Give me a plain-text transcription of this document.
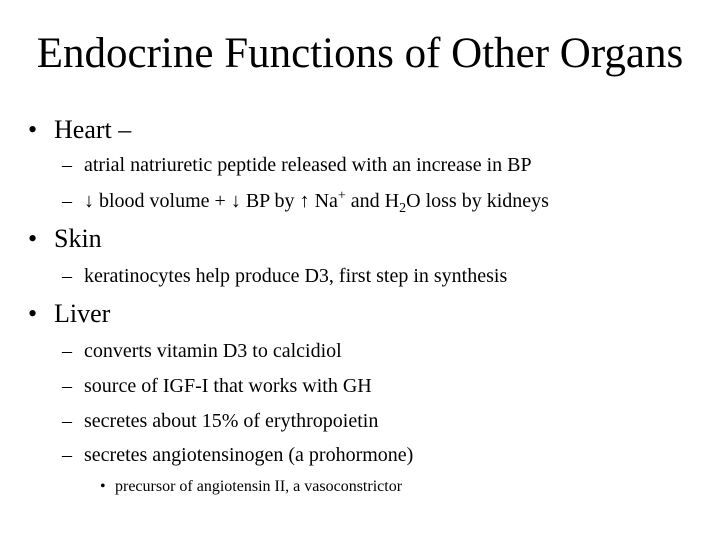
Endocrine Functions of Other Organs
• Heart –
– atrial natriuretic peptide released with an increase in BP
– ↓ blood volume + ↓ BP by ↑ Na+ and $H_2O$ loss by kidneys
• Skin
– keratinocytes help produce D3, first step in synthesis
• Liver
– converts vitamin D3 to calcidiol
– source of IGF-I that works with GH
– secretes about 15% of erythropoietin
– secretes angiotensinogen (a prohormone)
• precursor of angiotensin II, a vasoconstrictor
